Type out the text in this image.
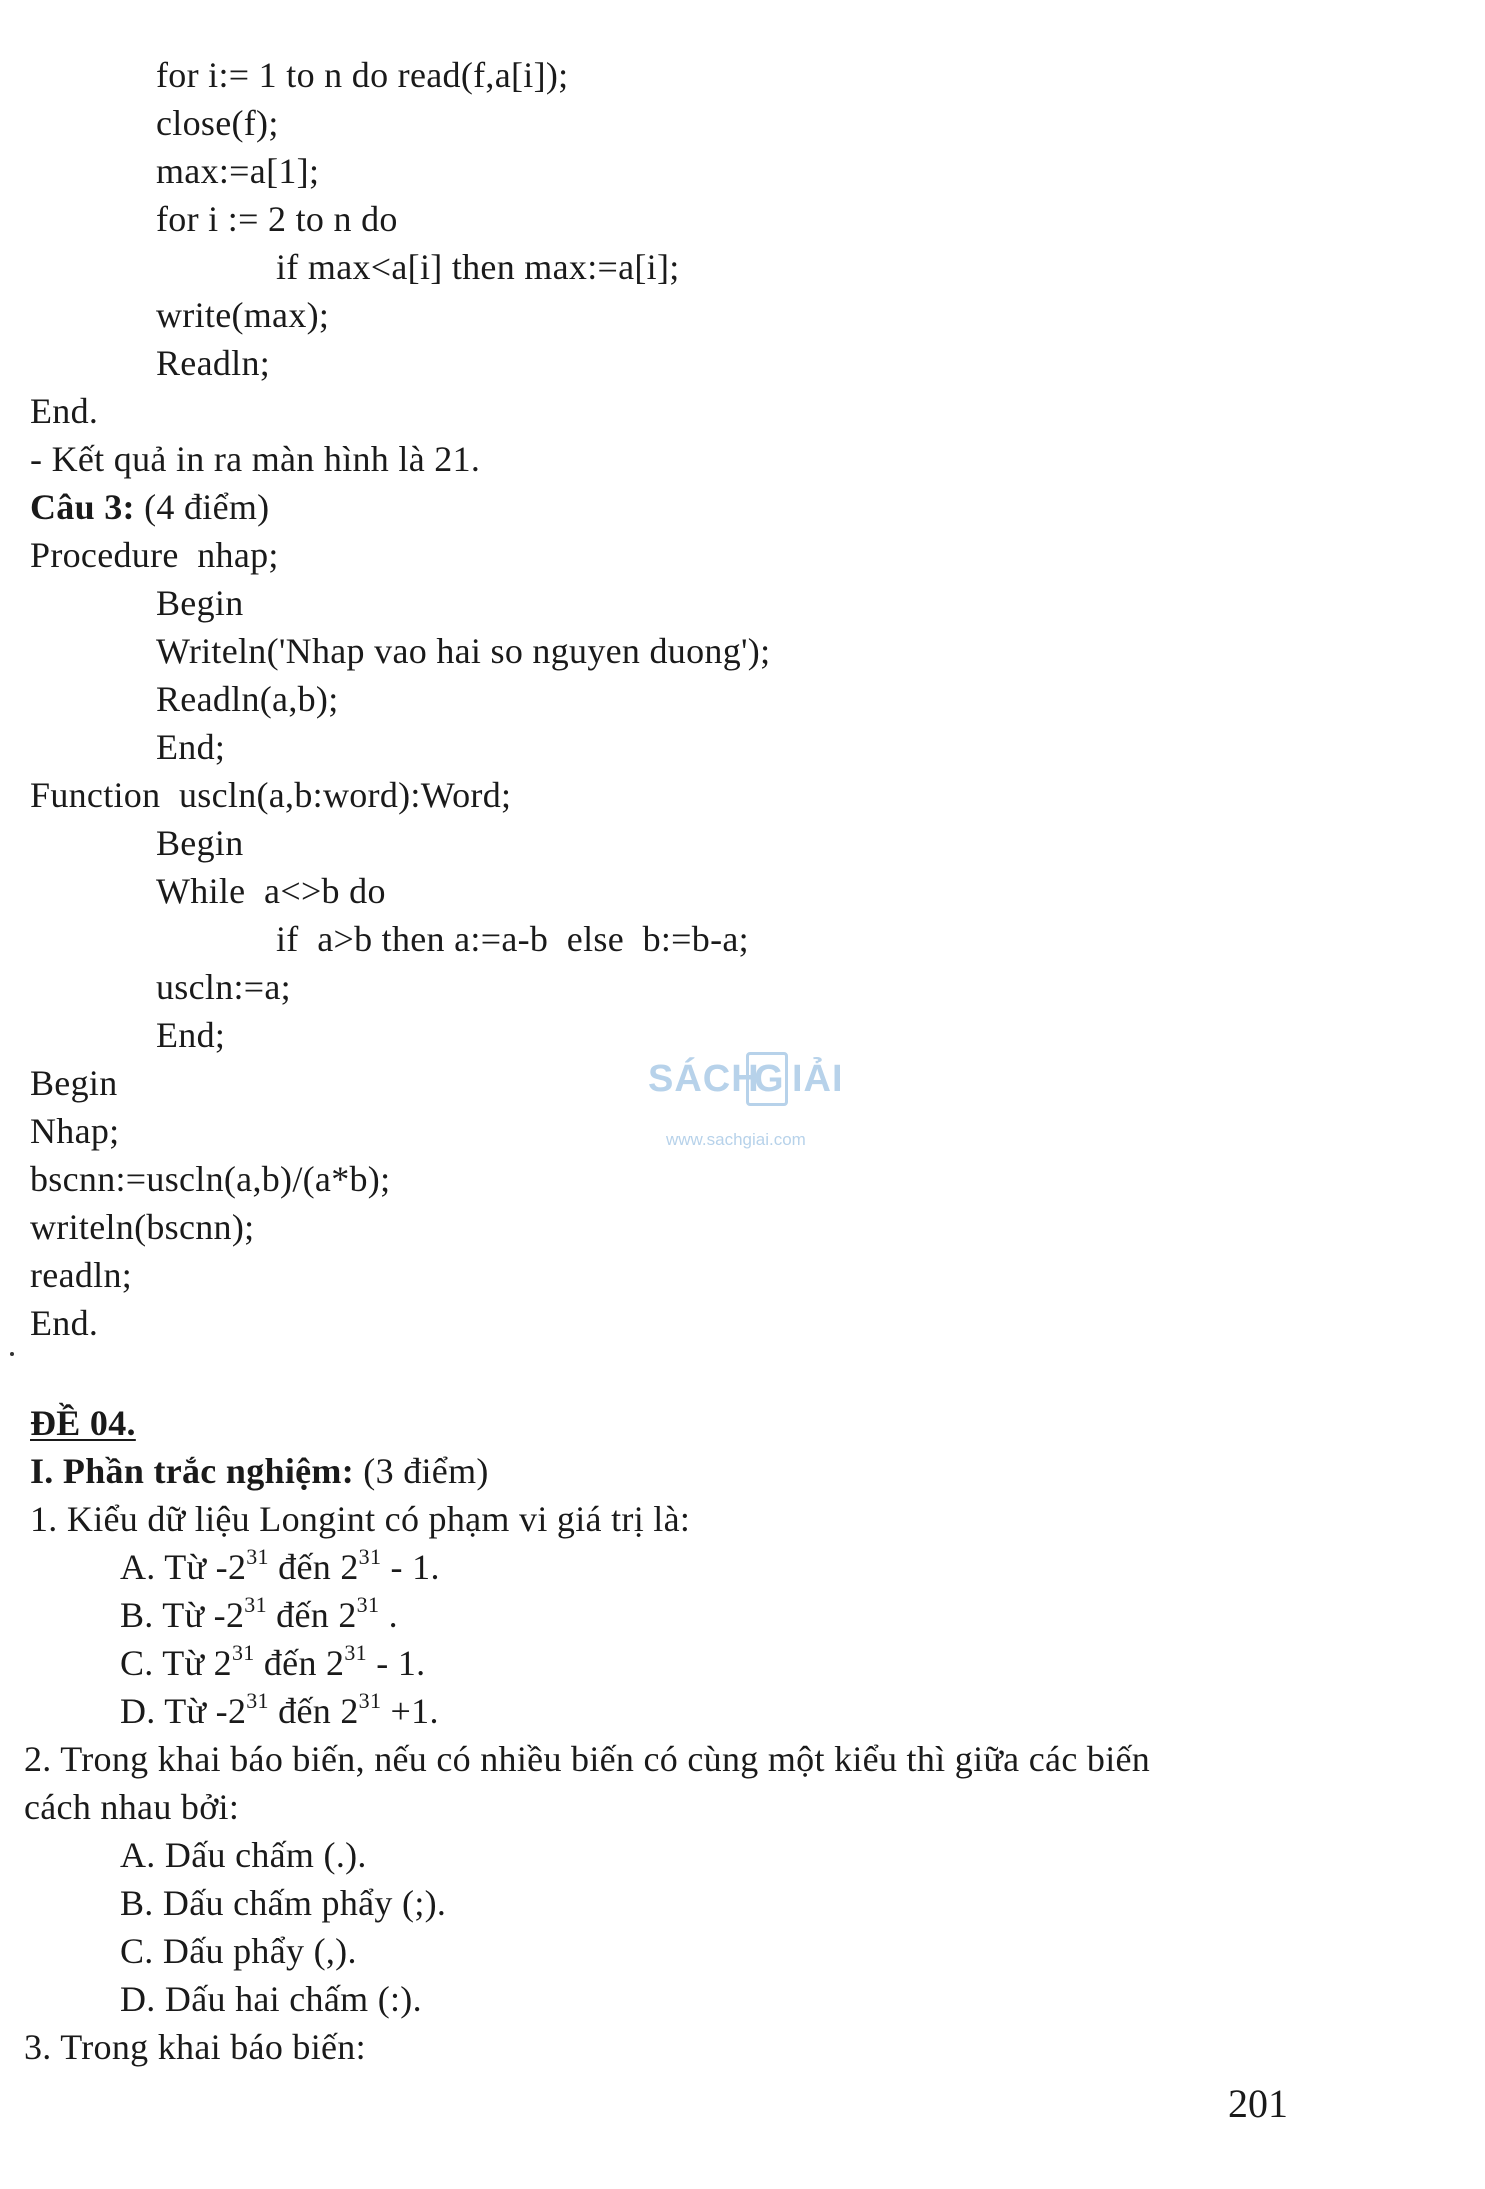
for i:= 1 to n do read(f,a[i]);
close(f);
max:=a[1];
for i := 2 to n do
if max<a[i] then max:=a[i];
write(max);
Readln;
End.
- Kết quả in ra màn hình là 21.
Câu 3: (4 điểm)
Procedure  nhap;
Begin
Writeln('Nhap vao hai so nguyen duong');
Readln(a,b);
End;
Function  uscln(a,b:word):Word;
Begin
While  a<>b do
if  a>b then a:=a-b  else  b:=b-a;
uscln:=a;
End;
Begin
Nhap;
bscnn:=uscln(a,b)/(a*b);
writeln(bscnn);
readln;
End.
ĐỀ 04.
I. Phần trắc nghiệm: (3 điểm)
1. Kiểu dữ liệu Longint có phạm vi giá trị là:
A. Từ $-2^{31}$ đến $2^{31} - 1$.
B. Từ $-2^{31}$ đến $2^{31}$ .
C. Từ $2^{31}$ đến $2^{31} - 1$.
D. Từ $-2^{31}$ đến $2^{31} +1$.
2. Trong khai báo biến, nếu có nhiều biến có cùng một kiểu thì giữa các biến
cách nhau bởi:
A. Dấu chấm (.).
B. Dấu chấm phẩy (;).
C. Dấu phẩy (,).
D. Dấu hai chấm (:).
3. Trong khai báo biến:
201
SÁCH
G IẢI
www.sachgiai.com
